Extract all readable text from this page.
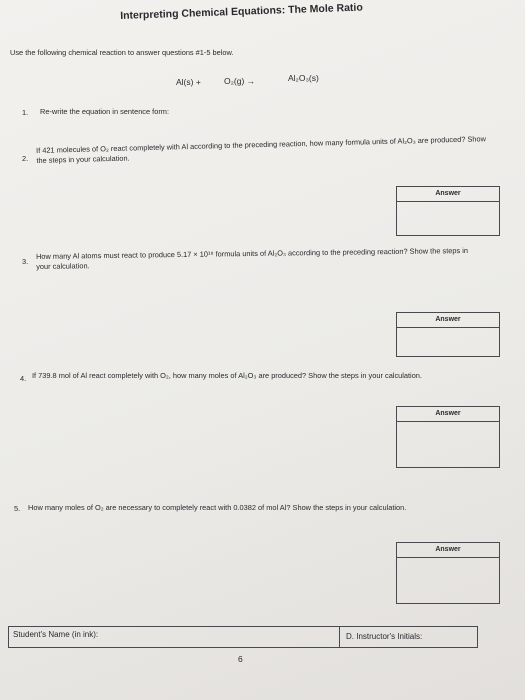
Interpreting Chemical Equations: The Mole Ratio
Use the following chemical reaction to answer questions #1-5 below.
Al(s) +	O₂(g) →	Al₂O₃(s)
1. Re-write the equation in sentence form:
2.
If 421 molecules of O₂ react completely with Al according to the preceding reaction, how many formula units of Al₂O₃ are produced? Show the steps in your calculation.
Answer
3.
How many Al atoms must react to produce 5.17 × 10¹⁸ formula units of Al₂O₃ according to the preceding reaction? Show the steps in your calculation.
Answer
4. If 739.8 mol of Al react completely with O₂, how many moles of Al₂O₃ are produced? Show the steps in your calculation.
Answer
5. How many moles of O₂ are necessary to completely react with 0.0382 of mol Al? Show the steps in your calculation.
Answer
Student's Name (in ink):	D. Instructor's Initials:
6
